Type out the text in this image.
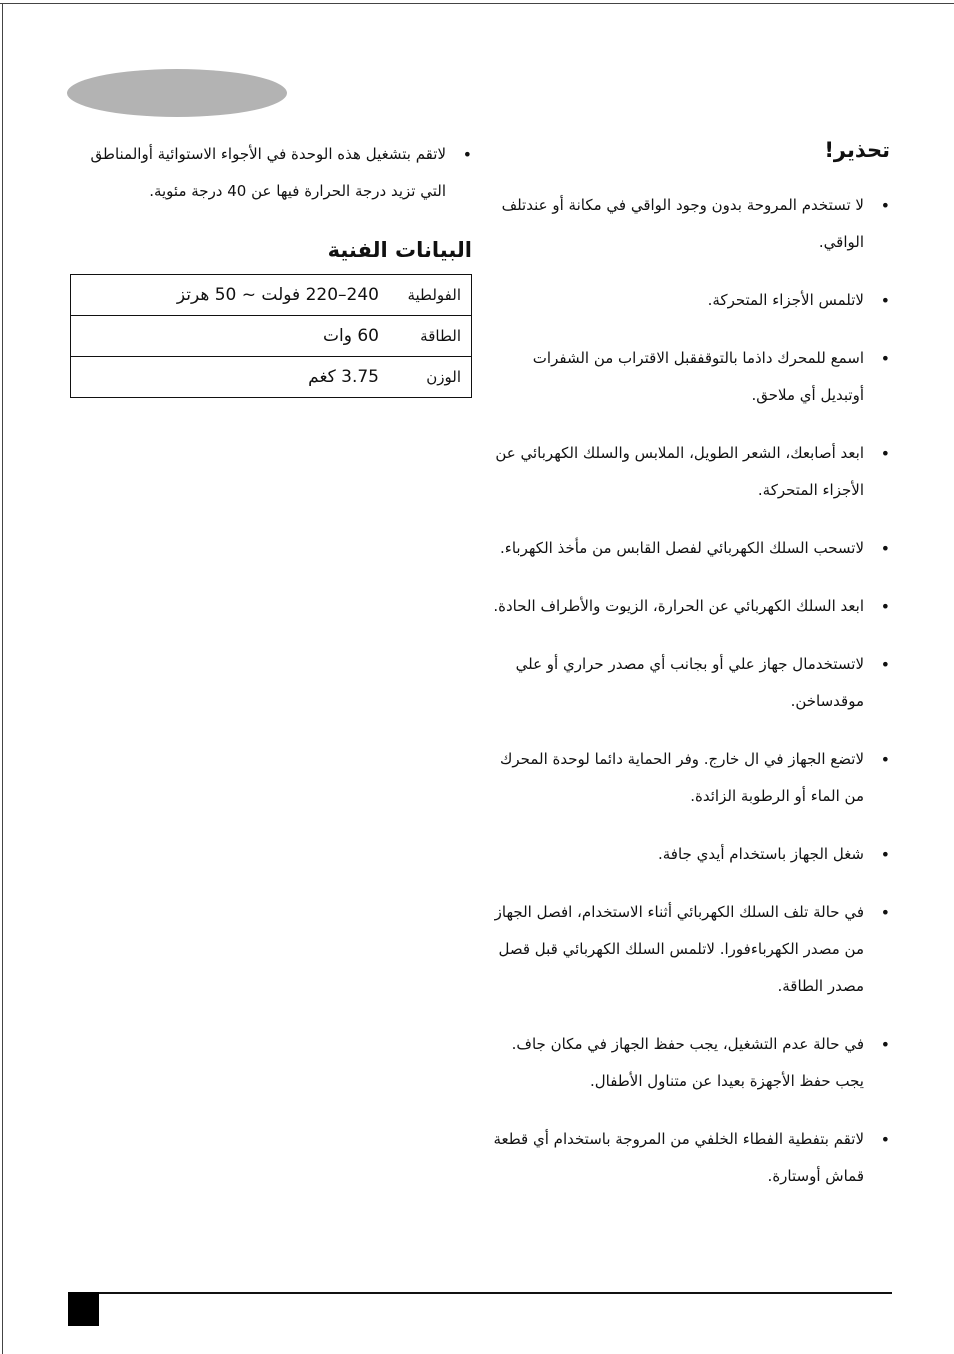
تحذير!
• لا تستخدم المروحة بدون وجود الواقي في مكانة أو عندتلف الواقي.
• لاتلمس الأجزاء المتحركة.
• اسمع للمحرك داذما بالتوقفقبل الاقتراب من الشفرات أوتبديل أي ملاحق.
• ابعد أصابعك، الشعر الطويل، الملابس والسلك الكهربائي عن الأجزاء المتحركة.
• لاتسحب السلك الكهربائي لفصل القابس من مأخذ الكهرباء.
• ابعد السلك الكهربائي عن الحرارة، الزيوت والأطراف الحادة.
• لاتستخدمال جهاز علي أو بجانب أي مصدر حراري أو علي موقدساخن.
• لاتضع الجهاز في ال خارج. وفر الحماية دائما لوحدة المحرك من الماء أو الرطوبة الزائدة.
• شغل الجهاز باستخدام أيدي جافة.
• في حالة تلف السلك الكهربائي أثناء الاستخدام، افصل الجهاز من مصدر الكهرباءفورا. لاتلمس السلك الكهربائي قبل قصل مصدر الطاقة.
• في حالة عدم التشغيل، يجب حفظ الجهاز في مكان جاف. يجب حفظ الأجهزة بعيدا عن متناول الأطفال.
• لاتقم بتفطية الفطاء الخلفي من المروجة باستخدام أي قطعة قماش أوستارة.
• لاتقم بتشغيل هذه الوحدة في الأجواء الاستوائية أوالمناطق التي تزيد درجة الحرارة فيها عن 40 درجة مئوية.
البيانات الفنية
الفولطية	240–220 فولت ~ 50 هرتز
الطاقة	60 وات
الوزن	3.75 كغم
